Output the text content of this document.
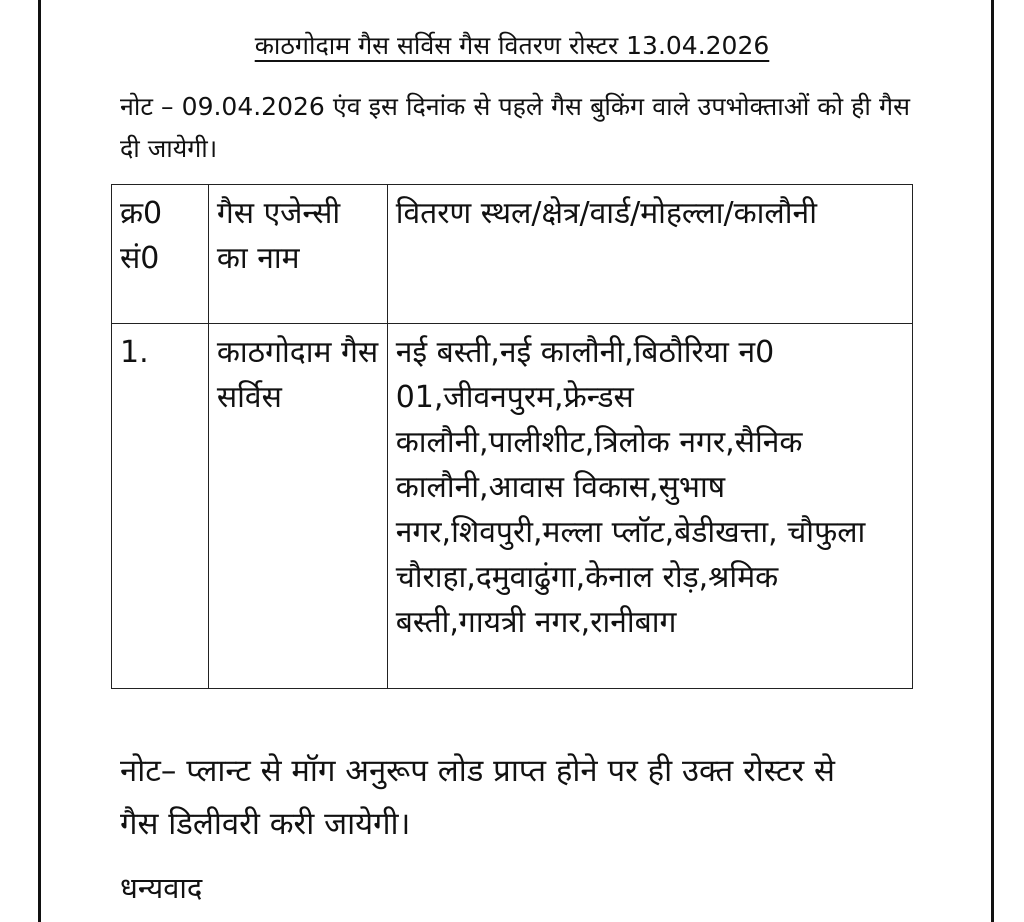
काठगोदाम गैस सर्विस गैस वितरण रोस्टर 13.04.2026
नोट – 09.04.2026 एंव इस दिनांक से पहले गैस बुकिंग वाले उपभोक्ताओं को ही गैस दी जायेगी।
क्र0 सं0	गैस एजेन्सी का नाम	वितरण स्थल/क्षेत्र/वार्ड/मोहल्ला/कालौनी
1.	काठगोदाम गैस सर्विस	नई बस्ती,नई कालौनी,बिठौरिया न0 01,जीवनपुरम,फ्रेन्डस कालौनी,पालीशीट,त्रिलोक नगर,सैनिक कालौनी,आवास विकास,सुभाष नगर,शिवपुरी,मल्ला प्लॉट,बेडीखत्ता, चौफुला चौराहा,दमुवाढुंगा,केनाल रोड़,श्रमिक बस्ती,गायत्री नगर,रानीबाग
नोट– प्लान्ट से मॉग अनुरूप लोड प्राप्त होने पर ही उक्त रोस्टर से गैस डिलीवरी करी जायेगी।
धन्यवाद
